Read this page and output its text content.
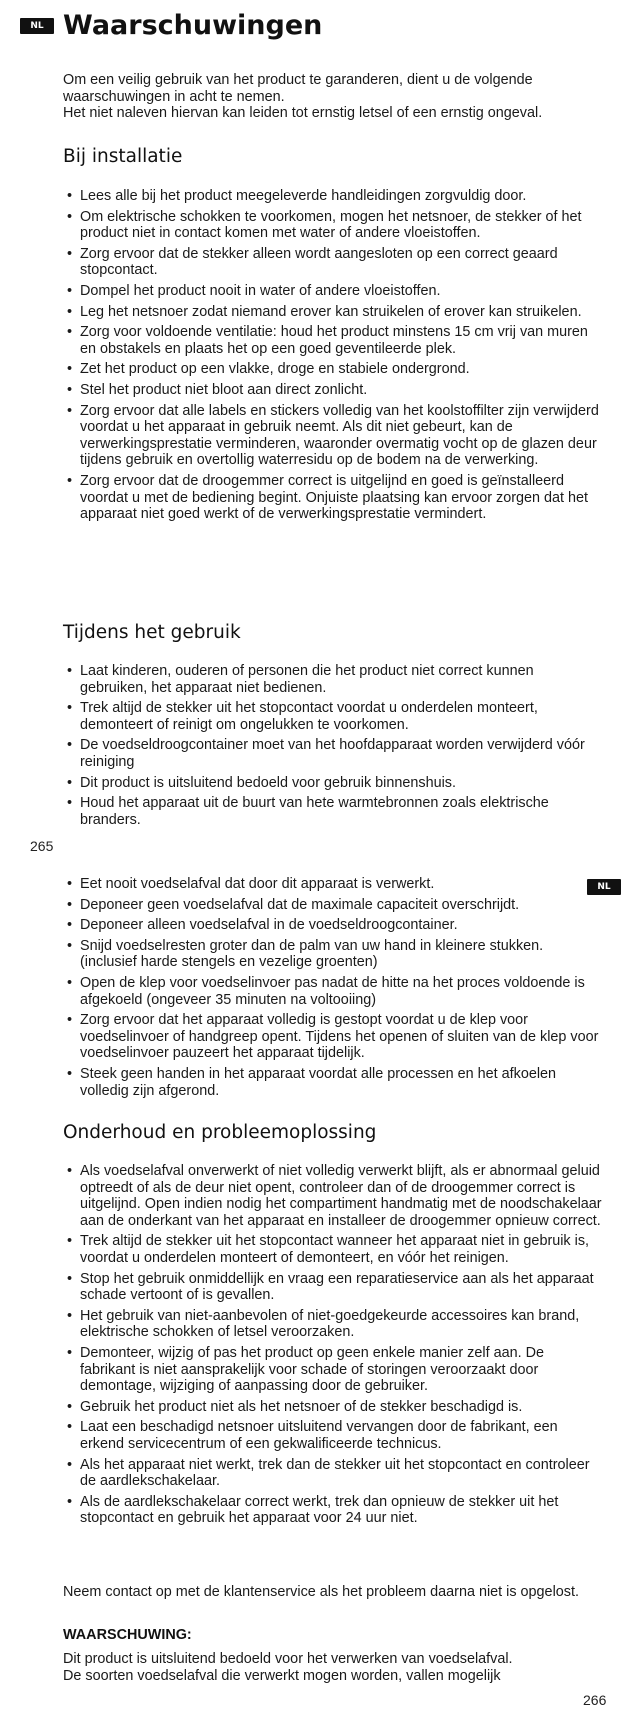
NL Waarschuwingen

Om een veilig gebruik van het product te garanderen, dient u de volgende waarschuwingen in acht te nemen.

Het niet naleven hiervan kan leiden tot ernstig letsel of een ernstig ongeval.

Bij installatie
• Lees alle bij het product meegeleverde handleidingen zorgvuldig door.
• Om elektrische schokken te voorkomen, mogen het netsnoer, de stekker of het product niet in contact komen met water of andere vloeistoffen.
• Zorg ervoor dat de stekker alleen wordt aangesloten op een correct geaard stopcontact.
• Dompel het product nooit in water of andere vloeistoffen.
• Leg het netsnoer zodat niemand erover kan struikelen of erover kan struikelen.
• Zorg voor voldoende ventilatie: houd het product minstens 15 cm vrij van muren en obstakels en plaats het op een goed geventileerde plek.
• Zet het product op een vlakke, droge en stabiele ondergrond.
• Stel het product niet bloot aan direct zonlicht.
• Zorg ervoor dat alle labels en stickers volledig van het koolstoffilter zijn verwijderd voordat u het apparaat in gebruik neemt. Als dit niet gebeurt, kan de verwerkingsprestatie verminderen, waaronder overmatig vocht op de glazen deur tijdens gebruik en overtollig waterresidu op de bodem na de verwerking.
• Zorg ervoor dat de droogemmer correct is uitgelijnd en goed is geïnstalleerd voordat u met de bediening begint. Onjuiste plaatsing kan ervoor zorgen dat het apparaat niet goed werkt of de verwerkingsprestatie vermindert.
Tijdens het gebruik
• Laat kinderen, ouderen of personen die het product niet correct kunnen gebruiken, het apparaat niet bedienen.
• Trek altijd de stekker uit het stopcontact voordat u onderdelen monteert, demonteert of reinigt om ongelukken te voorkomen.
• De voedseldroogcontainer moet van het hoofdapparaat worden verwijderd vóór reiniging
• Dit product is uitsluitend bedoeld voor gebruik binnenshuis.
• Houd het apparaat uit de buurt van hete warmtebronnen zoals elektrische branders.
265
NL
• Eet nooit voedselafval dat door dit apparaat is verwerkt.
• Deponeer geen voedselafval dat de maximale capaciteit overschrijdt.
• Deponeer alleen voedselafval in de voedseldroogcontainer.
• Snijd voedselresten groter dan de palm van uw hand in kleinere stukken. (inclusief harde stengels en vezelige groenten)
• Open de klep voor voedselinvoer pas nadat de hitte na het proces voldoende is afgekoeld (ongeveer 35 minuten na voltooiing)
• Zorg ervoor dat het apparaat volledig is gestopt voordat u de klep voor voedselinvoer of handgreep opent. Tijdens het openen of sluiten van de klep voor voedselinvoer pauzeert het apparaat tijdelijk.
• Steek geen handen in het apparaat voordat alle processen en het afkoelen volledig zijn afgerond.
Onderhoud en probleemoplossing
• Als voedselafval onverwerkt of niet volledig verwerkt blijft, als er abnormaal geluid optreedt of als de deur niet opent, controleer dan of de droogemmer correct is uitgelijnd. Open indien nodig het compartiment handmatig met de noodschakelaar aan de onderkant van het apparaat en installeer de droogemmer opnieuw correct.
• Trek altijd de stekker uit het stopcontact wanneer het apparaat niet in gebruik is, voordat u onderdelen monteert of demonteert, en vóór het reinigen.
• Stop het gebruik onmiddellijk en vraag een reparatieservice aan als het apparaat schade vertoont of is gevallen.
• Het gebruik van niet-aanbevolen of niet-goedgekeurde accessoires kan brand, elektrische schokken of letsel veroorzaken.
• Demonteer, wijzig of pas het product op geen enkele manier zelf aan. De fabrikant is niet aansprakelijk voor schade of storingen veroorzaakt door demontage, wijziging of aanpassing door de gebruiker.
• Gebruik het product niet als het netsnoer of de stekker beschadigd is.
• Laat een beschadigd netsnoer uitsluitend vervangen door de fabrikant, een erkend servicecentrum of een gekwalificeerde technicus.
• Als het apparaat niet werkt, trek dan de stekker uit het stopcontact en controleer de aardlekschakelaar.
• Als de aardlekschakelaar correct werkt, trek dan opnieuw de stekker uit het stopcontact en gebruik het apparaat voor 24 uur niet.

Neem contact op met de klantenservice als het probleem daarna niet is opgelost.

WAARSCHUWING:

Dit product is uitsluitend bedoeld voor het verwerken van voedselafval.

De soorten voedselafval die verwerkt mogen worden, vallen mogelijk

266
